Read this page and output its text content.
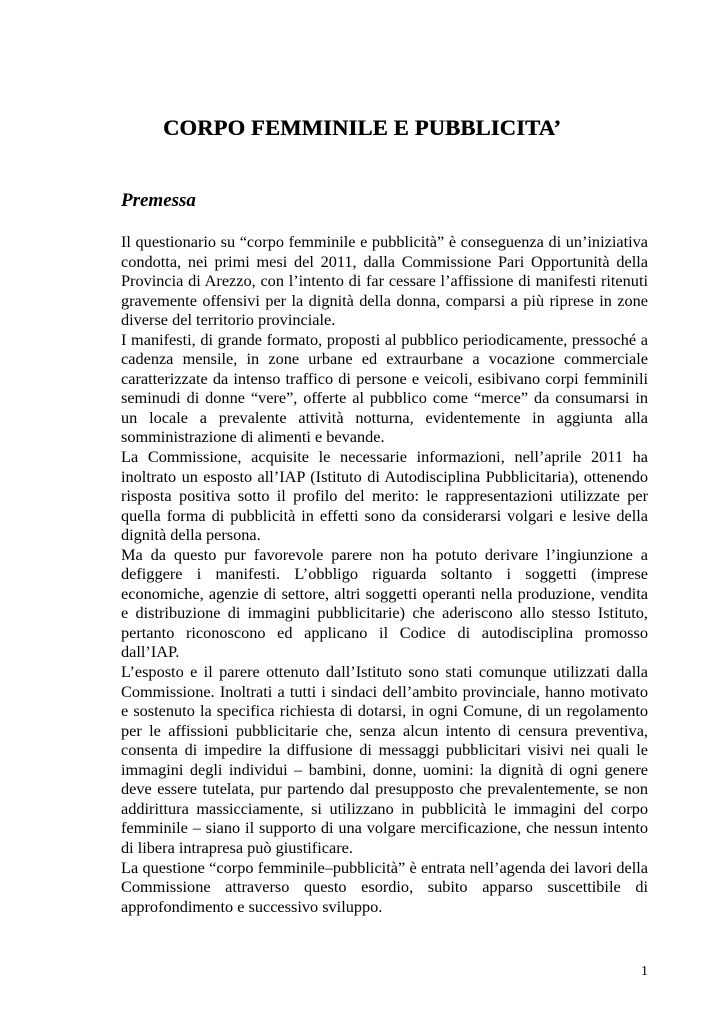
CORPO FEMMINILE E PUBBLICITA’
Premessa

Il questionario su “corpo femminile e pubblicità” è conseguenza di un’iniziativa condotta, nei primi mesi del 2011, dalla Commissione Pari Opportunità della Provincia di Arezzo, con l’intento di far cessare l’affissione di manifesti ritenuti gravemente offensivi per la dignità della donna, comparsi a più riprese in zone diverse del territorio provinciale.

I manifesti, di grande formato, proposti al pubblico periodicamente, pressoché a cadenza mensile, in zone urbane ed extraurbane a vocazione commerciale caratterizzate da intenso traffico di persone e veicoli, esibivano corpi femminili seminudi di donne “vere”, offerte al pubblico come “merce” da consumarsi in un locale a prevalente attività notturna, evidentemente in aggiunta alla somministrazione di alimenti e bevande.

La Commissione, acquisite le necessarie informazioni, nell’aprile 2011 ha inoltrato un esposto all’IAP (Istituto di Autodisciplina Pubblicitaria), ottenendo risposta positiva sotto il profilo del merito: le rappresentazioni utilizzate per quella forma di pubblicità in effetti sono da considerarsi volgari e lesive della dignità della persona.

Ma da questo pur favorevole parere non ha potuto derivare l’ingiunzione a defiggere i manifesti. L’obbligo riguarda soltanto i soggetti (imprese economiche, agenzie di settore, altri soggetti operanti nella produzione, vendita e distribuzione di immagini pubblicitarie) che aderiscono allo stesso Istituto, pertanto riconoscono ed applicano il Codice di autodisciplina promosso dall’IAP.

L’esposto e il parere ottenuto dall’Istituto sono stati comunque utilizzati dalla Commissione. Inoltrati a tutti i sindaci dell’ambito provinciale, hanno motivato e sostenuto la specifica richiesta di dotarsi, in ogni Comune, di un regolamento per le affissioni pubblicitarie che, senza alcun intento di censura preventiva, consenta di impedire la diffusione di messaggi pubblicitari visivi nei quali le immagini degli individui – bambini, donne, uomini: la dignità di ogni genere deve essere tutelata, pur partendo dal presupposto che prevalentemente, se non addirittura massicciamente, si utilizzano in pubblicità le immagini del corpo femminile – siano il supporto di una volgare mercificazione, che nessun intento di libera intrapresa può giustificare.

La questione “corpo femminile–pubblicità” è entrata nell’agenda dei lavori della Commissione attraverso questo esordio, subito apparso suscettibile di approfondimento e successivo sviluppo.

1
